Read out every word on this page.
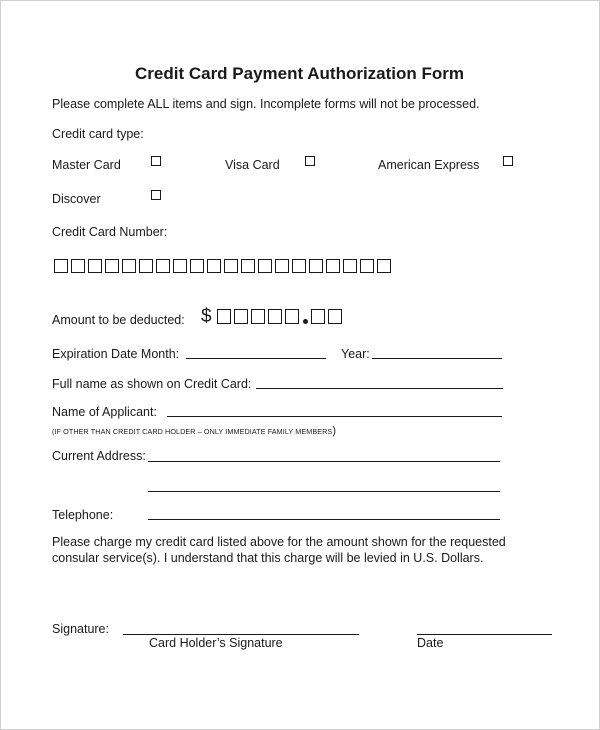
Credit Card Payment Authorization Form
Please complete ALL items and sign. Incomplete forms will not be processed.
Credit card type:
Master Card	Visa Card	American Express
Discover
Credit Card Number:
Amount to be deducted: $
Expiration Date Month:	Year:
Full name as shown on Credit Card:
Name of Applicant:
(IF OTHER THAN CREDIT CARD HOLDER – ONLY IMMEDIATE FAMILY MEMBERS)
Current Address:
Telephone:
Please charge my credit card listed above for the amount shown for the requested
consular service(s). I understand that this charge will be levied in U.S. Dollars.
Signature:
Card Holder’s Signature	Date
